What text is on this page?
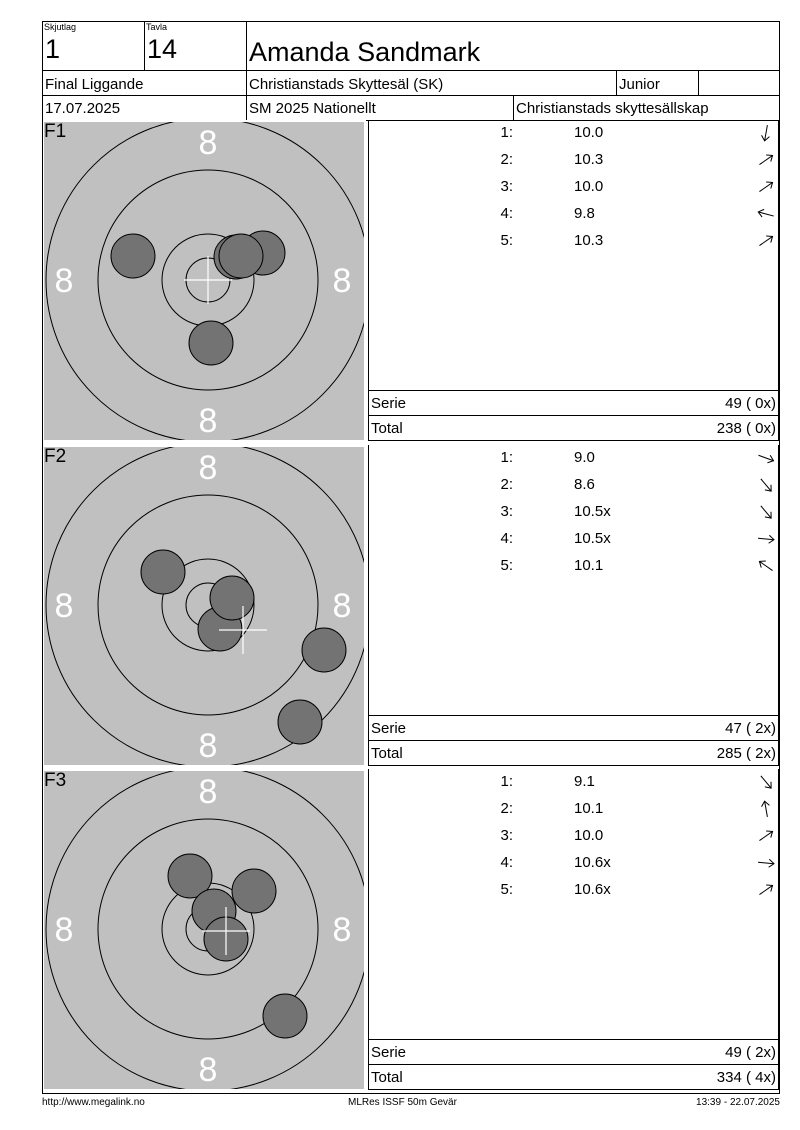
Skjutlag
1
Tavla
14	Amanda Sandmark
Final Liggande	Christianstads Skyttesäl (SK)	Junior
17.07.2025	SM 2025 Nationellt	Christianstads skyttesällskap
8
8
8	8
F1	1:	10.0
2:	10.3
3:	10.0
4:	9.8
5:	10.3
Serie	49 ( 0x)
Total	238 ( 0x)
8
8
8	8
F2	1:	9.0
2:	8.6
3:	10.5x
4:	10.5x
5:	10.1
Serie	47 ( 2x)
Total	285 ( 2x)
8
8
8	8
F3	1:	9.1
2:	10.1
3:	10.0
4:	10.6x
5:	10.6x
Serie	49 ( 2x)
Total	334 ( 4x)
http://www.megalink.no	MLRes ISSF 50m Gevär	13:39 - 22.07.2025
